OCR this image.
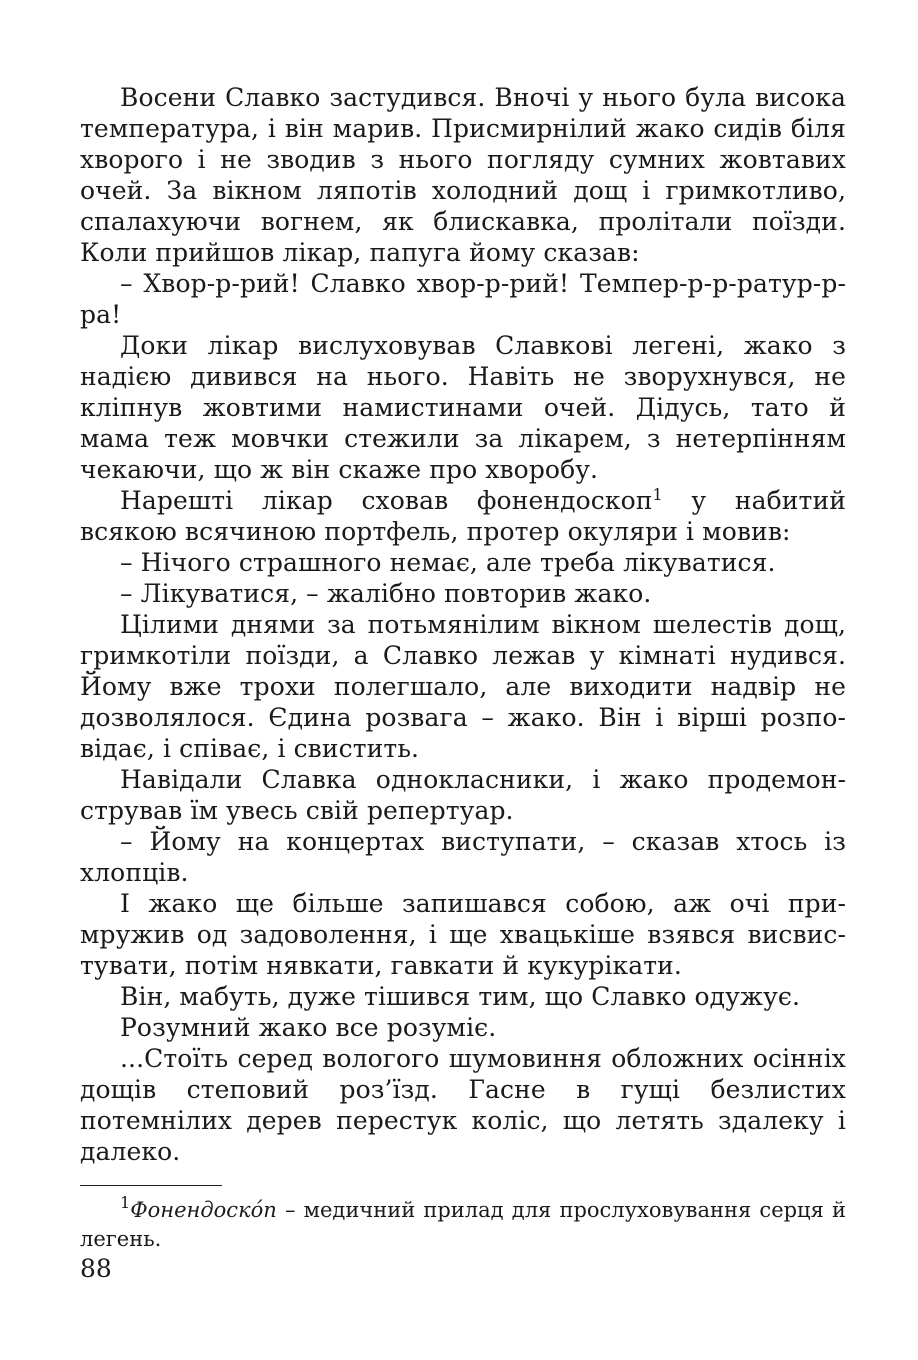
Восени Славко застудився. Вночі у нього була висока температура, і він марив. Присмирнілий жако сидів біля хворого і не зводив з нього погляду сумних жовтавих очей. За вікном ляпотів холодний дощ і гримкотливо, спалахуючи вогнем, як блискавка, пролітали поїзди. Коли прийшов лікар, папуга йому сказав:

– Хвор-р-рий! Славко хвор-р-рий! Темпер-р-р-ратур-р-ра!

Доки лікар вислуховував Славкові легені, жако з надією дивився на нього. Навіть не зворухнувся, не кліпнув жовтими намистинами очей. Дідусь, тато й мама теж мовчки стежили за лікарем, з нетерпінням чекаючи, що ж він скаже про хворобу.

Нарешті лікар сховав фонендоскоп$^1$ у набитий всякою всячиною портфель, протер окуляри і мовив:

– Нічого страшного немає, але треба лікуватися.

– Лікуватися, – жалібно повторив жако.

Цілими днями за потьмянілим вікном шелестів дощ, гримкотіли поїзди, а Славко лежав у кімнаті нудився. Йому вже трохи полегшало, але виходити надвір не дозволялося. Єдина розвага – жако. Він і вірші розповідає, і співає, і свистить.

Навідали Славка однокласники, і жако продемонстрував їм увесь свій репертуар.

– Йому на концертах виступати, – сказав хтось із хлопців.

І жако ще більше запишався собою, аж очі примружив од задоволення, і ще хвацькіше взявся висвистувати, потім нявкати, гавкати й кукурікати.

Він, мабуть, дуже тішився тим, що Славко одужує.

Розумний жако все розуміє.

...Стоїть серед вологого шумовиння обложних осінніх дощів степовий роз’їзд. Гасне в гущі безлистих потемнілих дерев перестук коліс, що летять здалеку і далеко.

$^1$Фонендоско́п – медичний прилад для прослуховування серця й легень.
88
